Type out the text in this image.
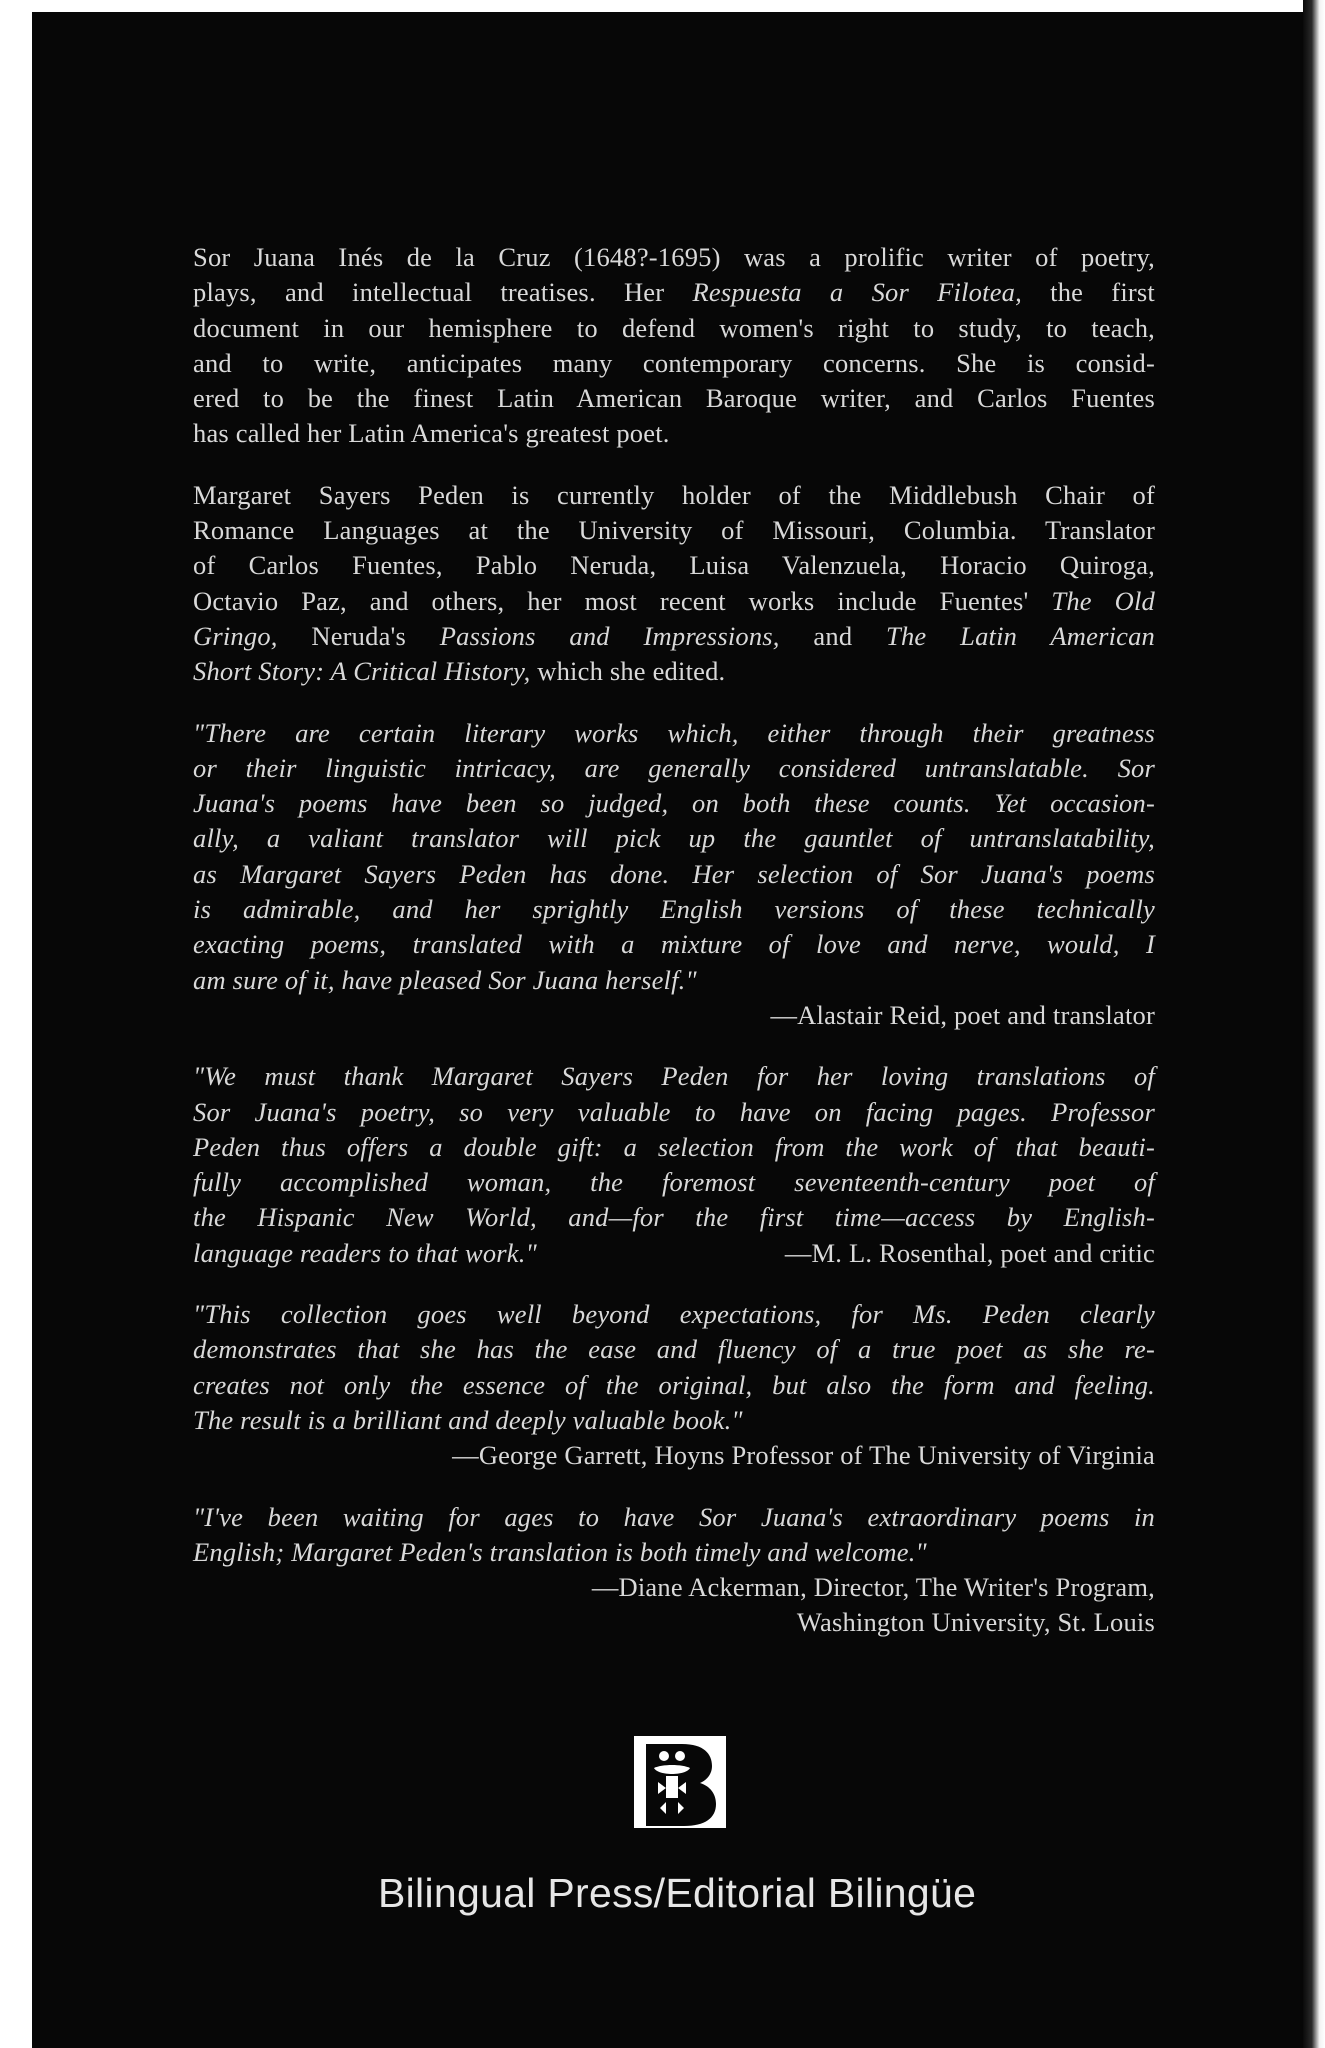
Sor Juana Inés de la Cruz (1648?-1695) was a prolific writer of poetry,
plays, and intellectual treatises. Her Respuesta a Sor Filotea, the first
document in our hemisphere to defend women's right to study, to teach,
and to write, anticipates many contemporary concerns. She is consid-
ered to be the finest Latin American Baroque writer, and Carlos Fuentes
has called her Latin America's greatest poet.

Margaret Sayers Peden is currently holder of the Middlebush Chair of
Romance Languages at the University of Missouri, Columbia. Translator
of Carlos Fuentes, Pablo Neruda, Luisa Valenzuela, Horacio Quiroga,
Octavio Paz, and others, her most recent works include Fuentes' The Old
Gringo, Neruda's Passions and Impressions, and The Latin American
Short Story: A Critical History, which she edited.

"There are certain literary works which, either through their greatness
or their linguistic intricacy, are generally considered untranslatable. Sor
Juana's poems have been so judged, on both these counts. Yet occasion-
ally, a valiant translator will pick up the gauntlet of untranslatability,
as Margaret Sayers Peden has done. Her selection of Sor Juana's poems
is admirable, and her sprightly English versions of these technically
exacting poems, translated with a mixture of love and nerve, would, I
am sure of it, have pleased Sor Juana herself."
—Alastair Reid, poet and translator

"We must thank Margaret Sayers Peden for her loving translations of
Sor Juana's poetry, so very valuable to have on facing pages. Professor
Peden thus offers a double gift: a selection from the work of that beauti-
fully accomplished woman, the foremost seventeenth-century poet of
the Hispanic New World, and—for the first time—access by English-
language readers to that work."	—M. L. Rosenthal, poet and critic

"This collection goes well beyond expectations, for Ms. Peden clearly
demonstrates that she has the ease and fluency of a true poet as she re-
creates not only the essence of the original, but also the form and feeling.
The result is a brilliant and deeply valuable book."
—George Garrett, Hoyns Professor of The University of Virginia

"I've been waiting for ages to have Sor Juana's extraordinary poems in
English; Margaret Peden's translation is both timely and welcome."
—Diane Ackerman, Director, The Writer's Program,
Washington University, St. Louis

Bilingual Press/Editorial Bilingüe
